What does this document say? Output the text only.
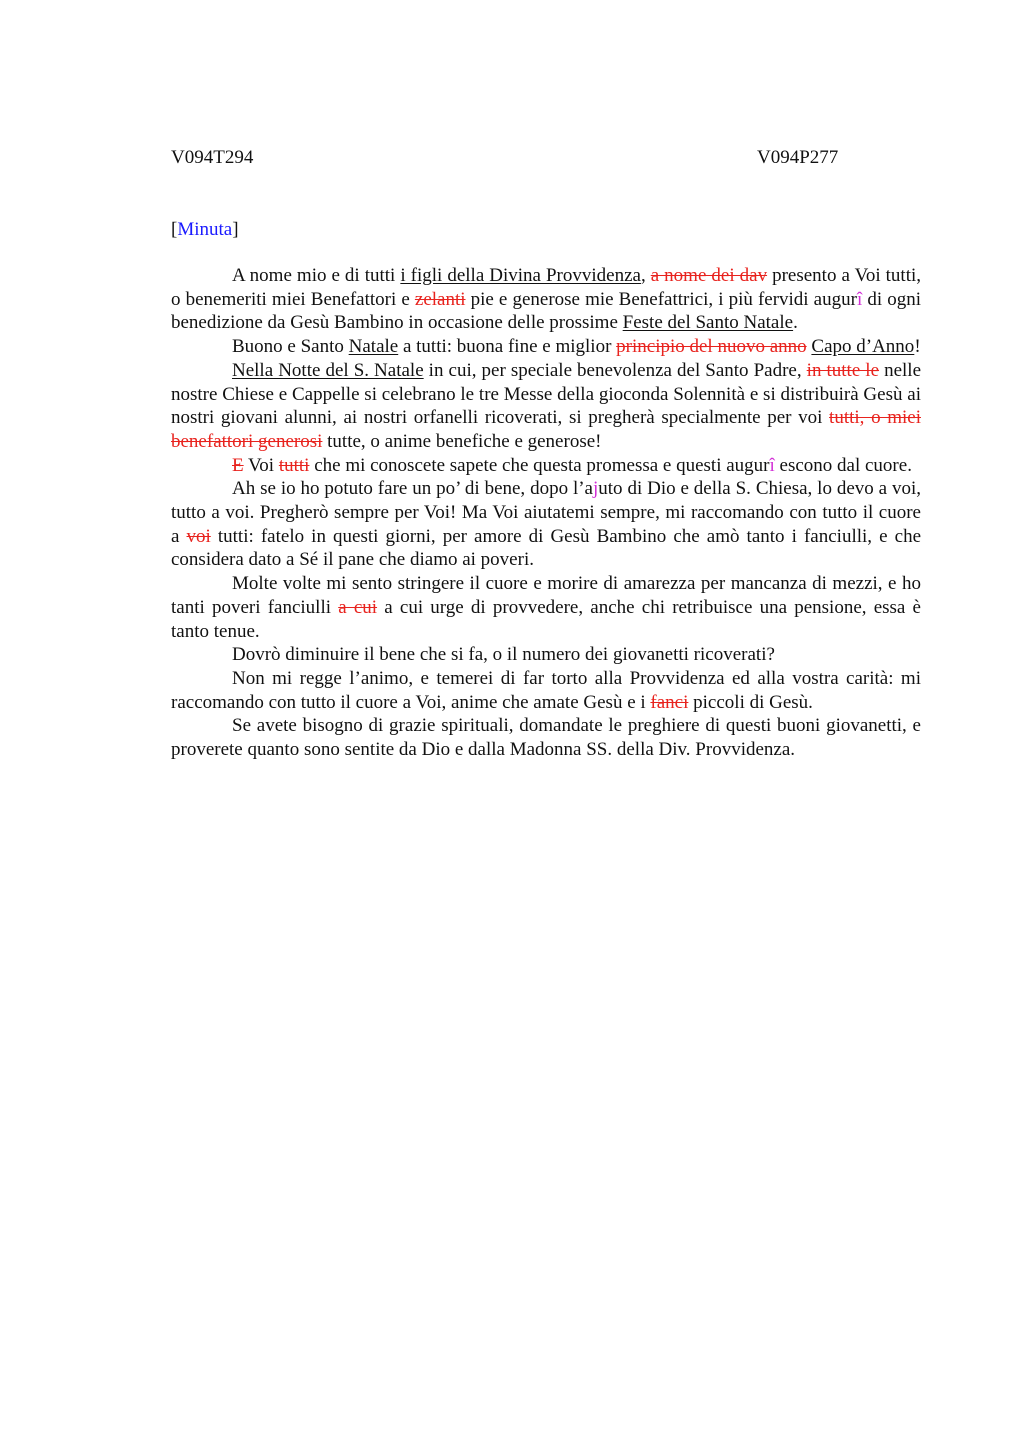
V094T294	V094P277
[Minuta]

A nome mio e di tutti i figli della Divina Provvidenza, a nome dei dav presento a Voi tutti, o benemeriti miei Benefattori e zelanti pie e generose mie Benefattrici, i più fervidi augurî di ogni benedizione da Gesù Bambino in occasione delle prossime Feste del Santo Natale.

Buono e Santo Natale a tutti: buona fine e miglior principio del nuovo anno Capo d’Anno!

Nella Notte del S. Natale in cui, per speciale benevolenza del Santo Padre, in tutte le nelle nostre Chiese e Cappelle si celebrano le tre Messe della gioconda Solennità e si distribuirà Gesù ai nostri giovani alunni, ai nostri orfanelli ricoverati, si pregherà specialmente per voi tutti, o miei benefattori generosi tutte, o anime benefiche e generose!

E Voi tutti che mi conoscete sapete che questa promessa e questi augurî escono dal cuore.

Ah se io ho potuto fare un po’ di bene, dopo l’ajuto di Dio e della S. Chiesa, lo devo a voi, tutto a voi. Pregherò sempre per Voi! Ma Voi aiutatemi sempre, mi raccomando con tutto il cuore a voi tutti: fatelo in questi giorni, per amore di Gesù Bambino che amò tanto i fanciulli, e che considera dato a Sé il pane che diamo ai poveri.

Molte volte mi sento stringere il cuore e morire di amarezza per mancanza di mezzi, e ho tanti poveri fanciulli a cui a cui urge di provvedere, anche chi retribuisce una pensione, essa è tanto tenue.

Dovrò diminuire il bene che si fa, o il numero dei giovanetti ricoverati?

Non mi regge l’animo, e temerei di far torto alla Provvidenza ed alla vostra carità: mi raccomando con tutto il cuore a Voi, anime che amate Gesù e i fanci piccoli di Gesù.

Se avete bisogno di grazie spirituali, domandate le preghiere di questi buoni giovanetti, e proverete quanto sono sentite da Dio e dalla Madonna SS. della Div. Provvidenza.
